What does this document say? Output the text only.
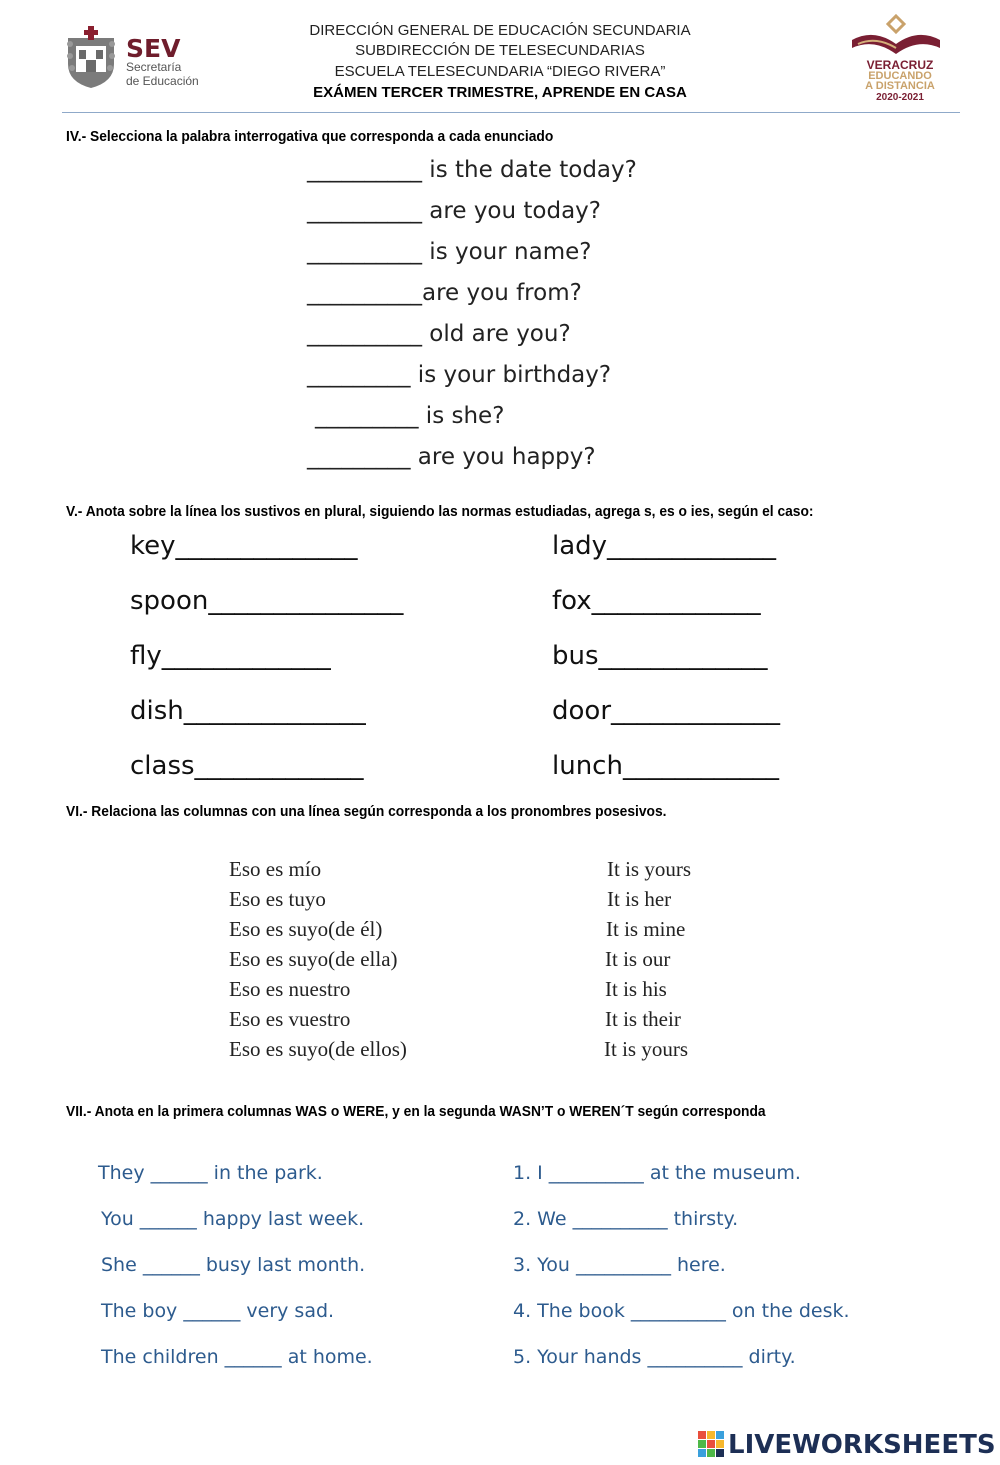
SEV
Secretaría
de Educación
DIRECCIÓN GENERAL DE EDUCACIÓN SECUNDARIA
SUBDIRECCIÓN DE TELESECUNDARIAS
ESCUELA TELESECUNDARIA “DIEGO RIVERA”
EXÁMEN TERCER TRIMESTRE, APRENDE EN CASA
VERACRUZ
EDUCANDO
A DISTANCIA
2020-2021
IV.- Selecciona la palabra interrogativa que corresponda a cada enunciado
__________ is the date today?
__________ are you today?
__________ is your name?
__________are you from?
__________ old are you?
_________ is your birthday?
_________ is she?
_________ are you happy?
V.- Anota sobre la línea los sustivos en plural, siguiendo las normas estudiadas, agrega s, es o ies, según el caso:
key______________
spoon_______________
fly_____________
dish______________
class_____________
lady_____________
fox_____________
bus_____________
door_____________
lunch____________
VI.- Relaciona las columnas con una línea según corresponda a los pronombres posesivos.
Eso es mío
Eso es tuyo
Eso es suyo(de él)
Eso es suyo(de ella)
Eso es nuestro
Eso es vuestro
Eso es suyo(de ellos)
It is yours
It is her
It is mine
It is our
It is his
It is their
It is yours
VII.- Anota en la primera columnas WAS o WERE, y en la segunda WASN’T o WEREN´T según corresponda
They ______ in the park.
You ______ happy last week.
She ______ busy last month.
The boy ______ very sad.
The children ______ at home.
1. I __________ at the museum.
2. We __________ thirsty.
3. You __________ here.
4. The book __________ on the desk.
5. Your hands __________ dirty.
LIVEWORKSHEETS
